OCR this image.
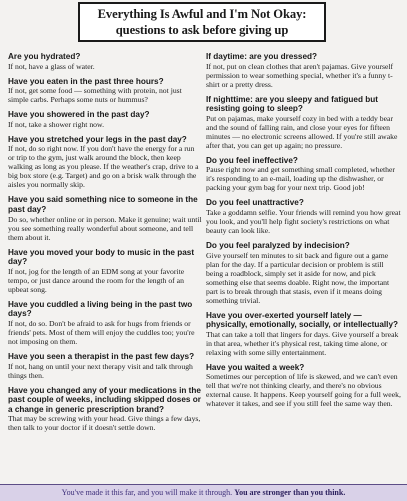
Everything Is Awful and I'm Not Okay:
questions to ask before giving up

Are you hydrated?

If not, have a glass of water.

Have you eaten in the past three hours?

If not, get some food — something with protein, not just simple carbs. Perhaps some nuts or hummus?

Have you showered in the past day?

If not, take a shower right now.

Have you stretched your legs in the past day?

If not, do so right now. If you don't have the energy for a run or trip to the gym, just walk around the block, then keep walking as long as you please. If the weather's crap, drive to a big box store (e.g. Target) and go on a brisk walk through the aisles you normally skip.

Have you said something nice to someone in the past day?

Do so, whether online or in person. Make it genuine; wait until you see something really wonderful about someone, and tell them about it.

Have you moved your body to music in the past day?

If not, jog for the length of an EDM song at your favorite tempo, or just dance around the room for the length of an upbeat song.

Have you cuddled a living being in the past two days?

If not, do so. Don't be afraid to ask for hugs from friends or friends' pets. Most of them will enjoy the cuddles too; you're not imposing on them.

Have you seen a therapist in the past few days?

If not, hang on until your next therapy visit and talk through things then.

Have you changed any of your medications in the past couple of weeks, including skipped doses or a change in generic prescription brand?

That may be screwing with your head. Give things a few days, then talk to your doctor if it doesn't settle down.

If daytime: are you dressed?

If not, put on clean clothes that aren't pajamas. Give yourself permission to wear something special, whether it's a funny t-shirt or a pretty dress.

If nighttime: are you sleepy and fatigued but resisting going to sleep?

Put on pajamas, make yourself cozy in bed with a teddy bear and the sound of falling rain, and close your eyes for fifteen minutes — no electronic screens allowed. If you're still awake after that, you can get up again; no pressure.

Do you feel ineffective?

Pause right now and get something small completed, whether it's responding to an e-mail, loading up the dishwasher, or packing your gym bag for your next trip. Good job!

Do you feel unattractive?

Take a goddamn selfie. Your friends will remind you how great you look, and you'll help fight society's restrictions on what beauty can look like.

Do you feel paralyzed by indecision?

Give yourself ten minutes to sit back and figure out a game plan for the day. If a particular decision or problem is still being a roadblock, simply set it aside for now, and pick something else that seems doable. Right now, the important part is to break through that stasis, even if it means doing something trivial.

Have you over-exerted yourself lately — physically, emotionally, socially, or intellectually?

That can take a toll that lingers for days. Give yourself a break in that area, whether it's physical rest, taking time alone, or relaxing with some silly entertainment.

Have you waited a week?

Sometimes our perception of life is skewed, and we can't even tell that we're not thinking clearly, and there's no obvious external cause. It happens. Keep yourself going for a full week, whatever it takes, and see if you still feel the same way then.

You've made it this far, and you will make it through. You are stronger than you think.
